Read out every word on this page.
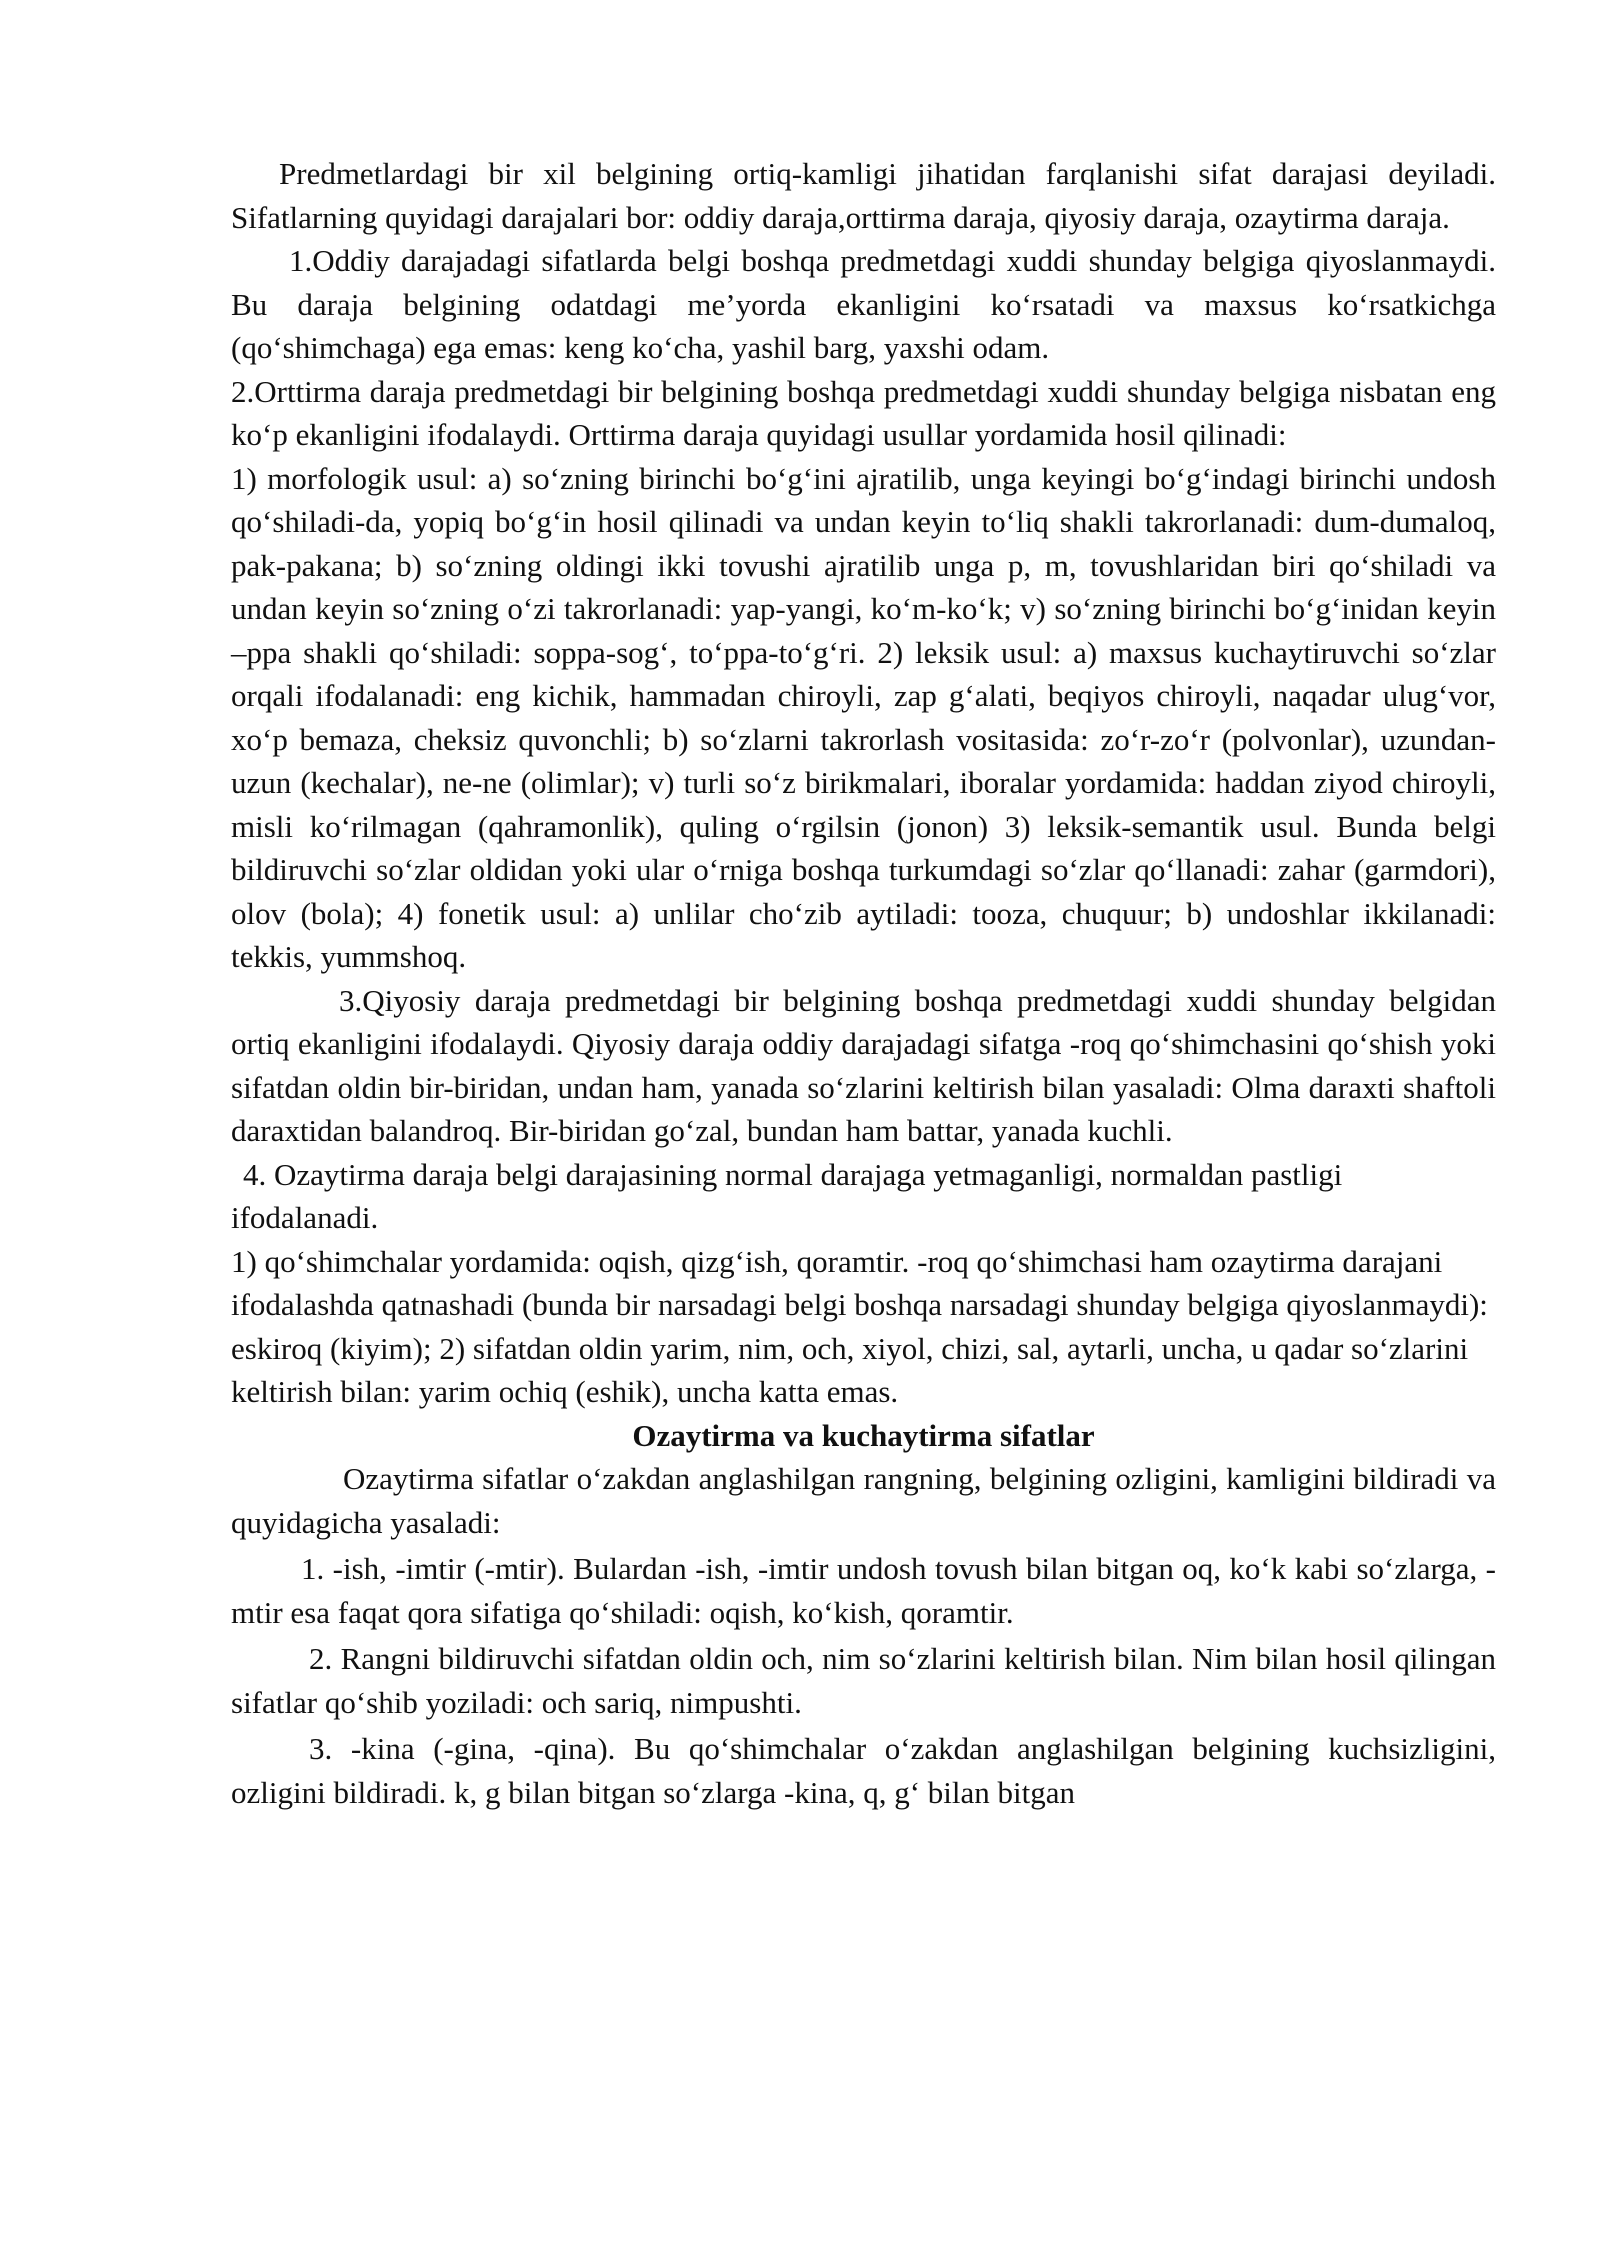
Predmetlardagi bir xil belgining ortiq-kamligi jihatidan farqlanishi sifat darajasi deyiladi. Sifatlarning quyidagi darajalari bor: oddiy daraja,orttirma daraja, qiyosiy daraja, ozaytirma daraja.

1.Oddiy darajadagi sifatlarda belgi boshqa predmetdagi xuddi shunday belgiga qiyoslanmaydi. Bu daraja belgining odatdagi me’yorda ekanligini ko‘rsatadi va maxsus ko‘rsatkichga (qo‘shimchaga) ega emas: keng ko‘cha, yashil barg, yaxshi odam.

2.Orttirma daraja predmetdagi bir belgining boshqa predmetdagi xuddi shunday belgiga nisbatan eng ko‘p ekanligini ifodalaydi. Orttirma daraja quyidagi usullar yordamida hosil qilinadi:

1) morfologik usul: a) so‘zning birinchi bo‘g‘ini ajratilib, unga keyingi bo‘g‘indagi birinchi undosh qo‘shiladi-da, yopiq bo‘g‘in hosil qilinadi va undan keyin to‘liq shakli takrorlanadi: dum-dumaloq, pak-pakana; b) so‘zning oldingi ikki tovushi ajratilib unga p, m, tovushlaridan biri qo‘shiladi va undan keyin so‘zning o‘zi takrorlanadi: yap-yangi, ko‘m-ko‘k; v) so‘zning birinchi bo‘g‘inidan keyin –ppa shakli qo‘shiladi: soppa-sog‘, to‘ppa-to‘g‘ri. 2) leksik usul: a) maxsus kuchaytiruvchi so‘zlar orqali ifodalanadi: eng kichik, hammadan chiroyli, zap g‘alati, beqiyos chiroyli, naqadar ulug‘vor, xo‘p bemaza, cheksiz quvonchli; b) so‘zlarni takrorlash vositasida: zo‘r-zo‘r (polvonlar), uzundan-uzun (kechalar), ne-ne (olimlar); v) turli so‘z birikmalari, iboralar yordamida: haddan ziyod chiroyli, misli ko‘rilmagan (qahramonlik), quling o‘rgilsin (jonon) 3) leksik-semantik usul. Bunda belgi bildiruvchi so‘zlar oldidan yoki ular o‘rniga boshqa turkumdagi so‘zlar qo‘llanadi: zahar (garmdori), olov (bola); 4) fonetik usul: a) unlilar cho‘zib aytiladi: tooza, chuquur; b) undoshlar ikkilanadi: tekkis, yummshoq.

3.Qiyosiy daraja predmetdagi bir belgining boshqa predmetdagi xuddi shunday belgidan ortiq ekanligini ifodalaydi. Qiyosiy daraja oddiy darajadagi sifatga -roq qo‘shimchasini qo‘shish yoki sifatdan oldin bir-biridan, undan ham, yanada so‘zlarini keltirish bilan yasaladi: Olma daraxti shaftoli daraxtidan balandroq. Bir-biridan go‘zal, bundan ham battar, yanada kuchli.

4. Ozaytirma daraja belgi darajasining normal darajaga yetmaganligi, normaldan pastligi ifodalanadi.

1) qo‘shimchalar yordamida: oqish, qizg‘ish, qoramtir. -roq qo‘shimchasi ham ozaytirma darajani ifodalashda qatnashadi (bunda bir narsadagi belgi boshqa narsadagi shunday belgiga qiyoslanmaydi): eskiroq (kiyim); 2) sifatdan oldin yarim, nim, och, xiyol, chizi, sal, aytarli, uncha, u qadar so‘zlarini keltirish bilan: yarim ochiq (eshik), uncha katta emas.

Ozaytirma va kuchaytirma sifatlar

Ozaytirma sifatlar o‘zakdan anglashilgan rangning, belgining ozligini, kamligini bildiradi va quyidagicha yasaladi:

1. -ish, -imtir (-mtir). Bulardan -ish, -imtir undosh tovush bilan bitgan oq, ko‘k kabi so‘zlarga, -mtir esa faqat qora sifatiga qo‘shiladi: oqish, ko‘kish, qoramtir.

2. Rangni bildiruvchi sifatdan oldin och, nim so‘zlarini keltirish bilan. Nim bilan hosil qilingan sifatlar qo‘shib yoziladi: och sariq, nimpushti.

3. -kina (-gina, -qina). Bu qo‘shimchalar o‘zakdan anglashilgan belgining kuchsizligini, ozligini bildiradi. k, g bilan bitgan so‘zlarga -kina, q, g‘ bilan bitgan
